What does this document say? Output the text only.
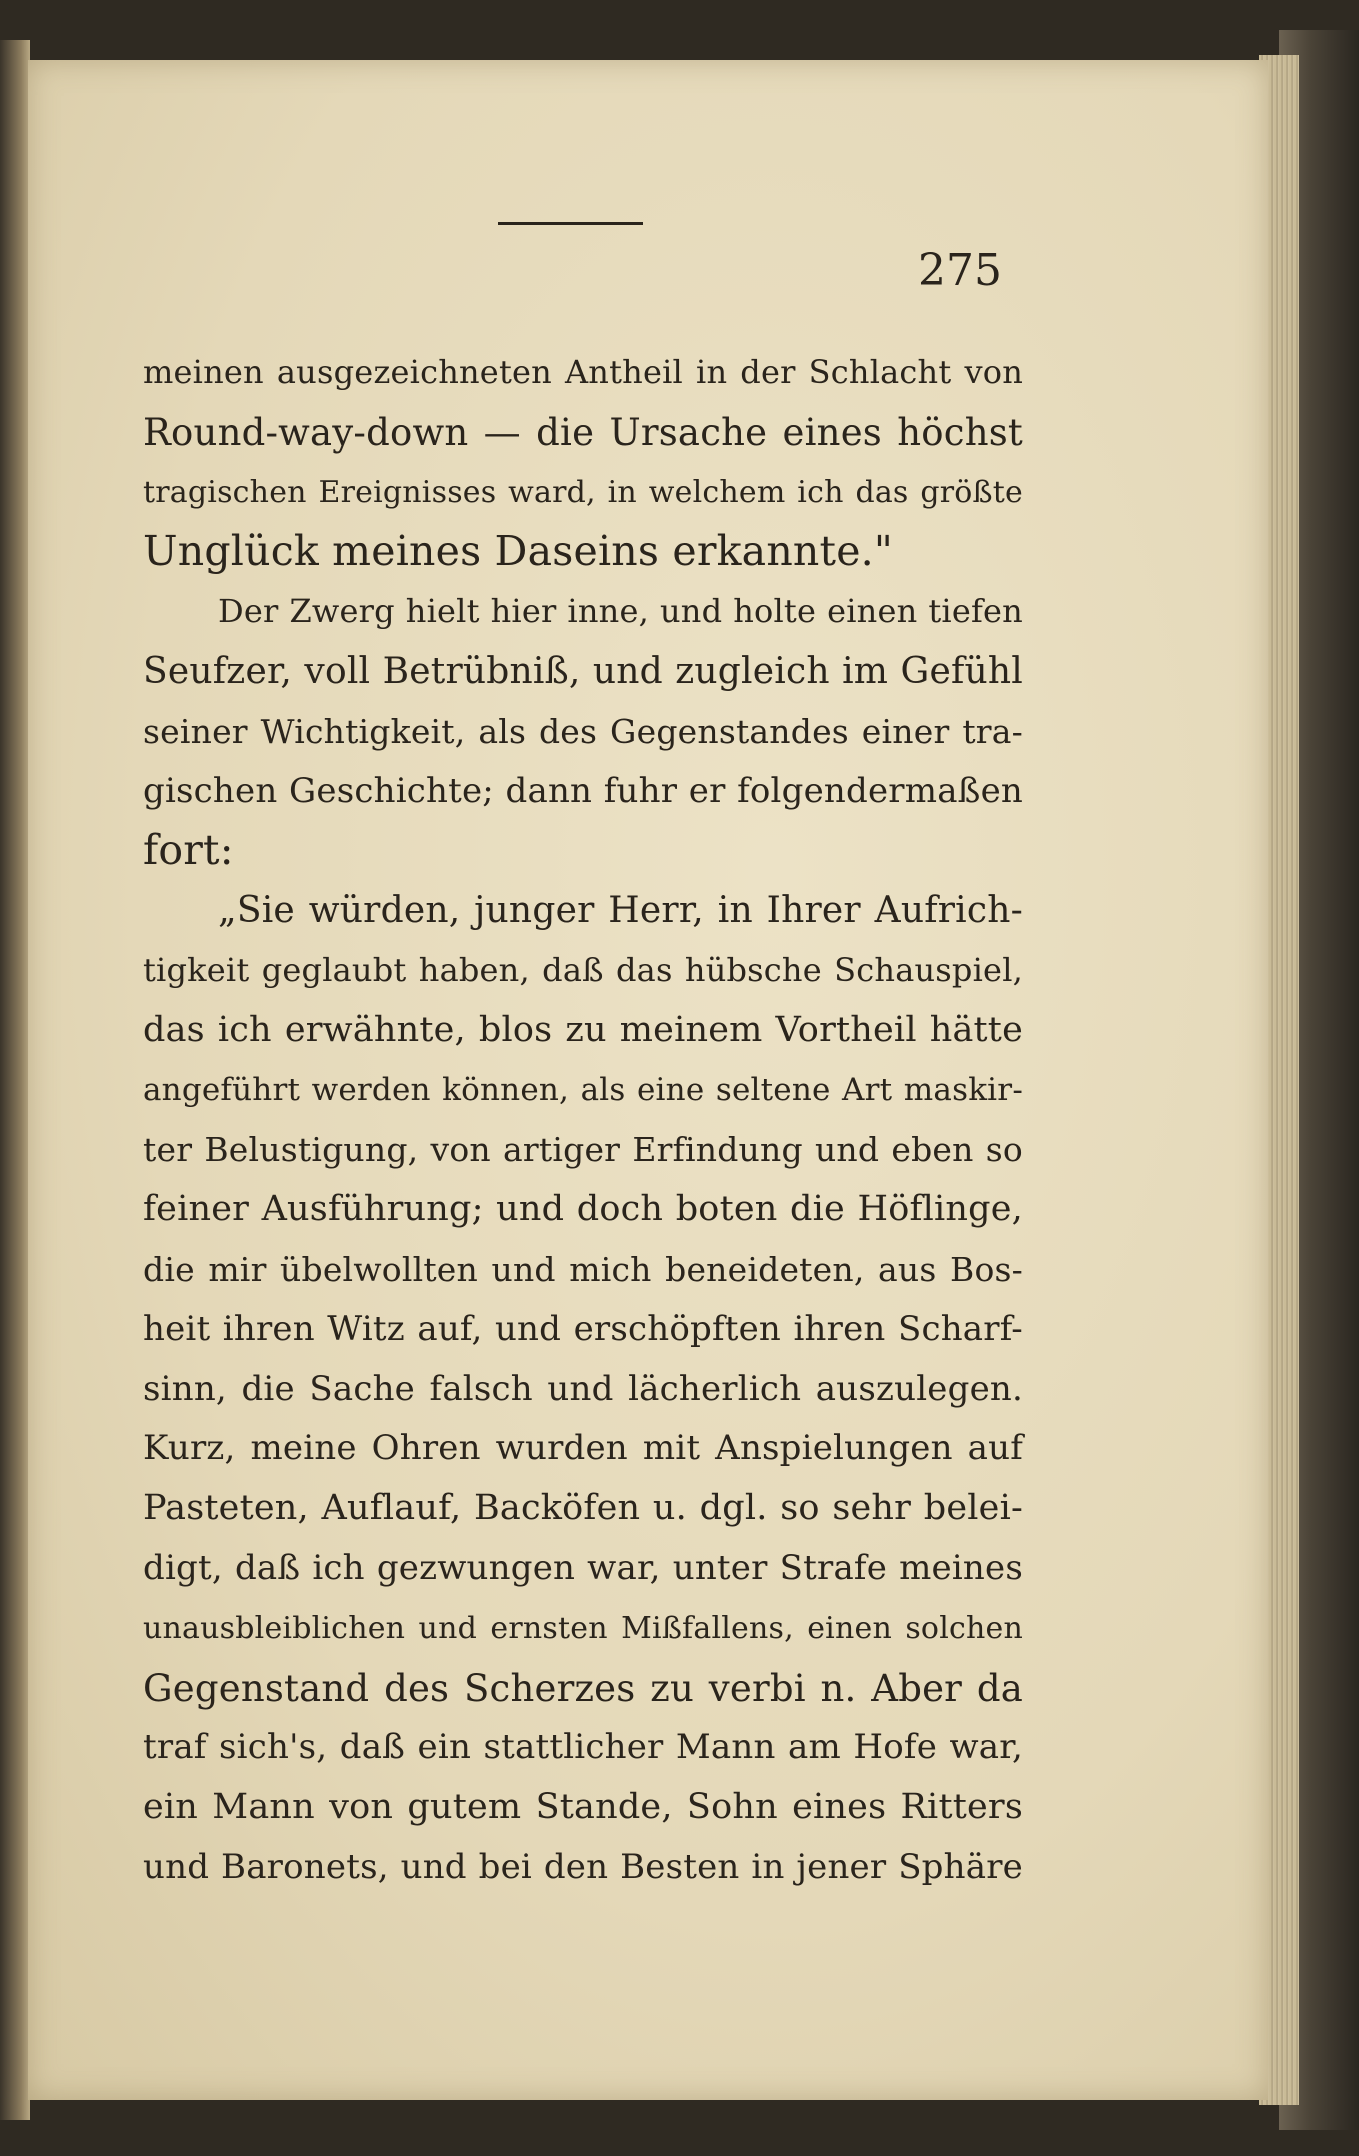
275
meinen ausgezeichneten Antheil in der Schlacht von
Round-way-down — die Ursache eines höchst
tragischen Ereignisses ward, in welchem ich das größte
Unglück meines Daseins erkannte."
Der Zwerg hielt hier inne, und holte einen tiefen
Seufzer, voll Betrübniß, und zugleich im Gefühl
seiner Wichtigkeit, als des Gegenstandes einer tra-
gischen Geschichte; dann fuhr er folgendermaßen
fort:
„Sie würden, junger Herr, in Ihrer Aufrich-
tigkeit geglaubt haben, daß das hübsche Schauspiel,
das ich erwähnte, blos zu meinem Vortheil hätte
angeführt werden können, als eine seltene Art maskir-
ter Belustigung, von artiger Erfindung und eben so
feiner Ausführung; und doch boten die Höflinge,
die mir übelwollten und mich beneideten, aus Bos-
heit ihren Witz auf, und erschöpften ihren Scharf-
sinn, die Sache falsch und lächerlich auszulegen.
Kurz, meine Ohren wurden mit Anspielungen auf
Pasteten, Auflauf, Backöfen u. dgl. so sehr belei-
digt, daß ich gezwungen war, unter Strafe meines
unausbleiblichen und ernsten Mißfallens, einen solchen
Gegenstand des Scherzes zu verbi n. Aber da
traf sich's, daß ein stattlicher Mann am Hofe war,
ein Mann von gutem Stande, Sohn eines Ritters
und Baronets, und bei den Besten in jener Sphäre
